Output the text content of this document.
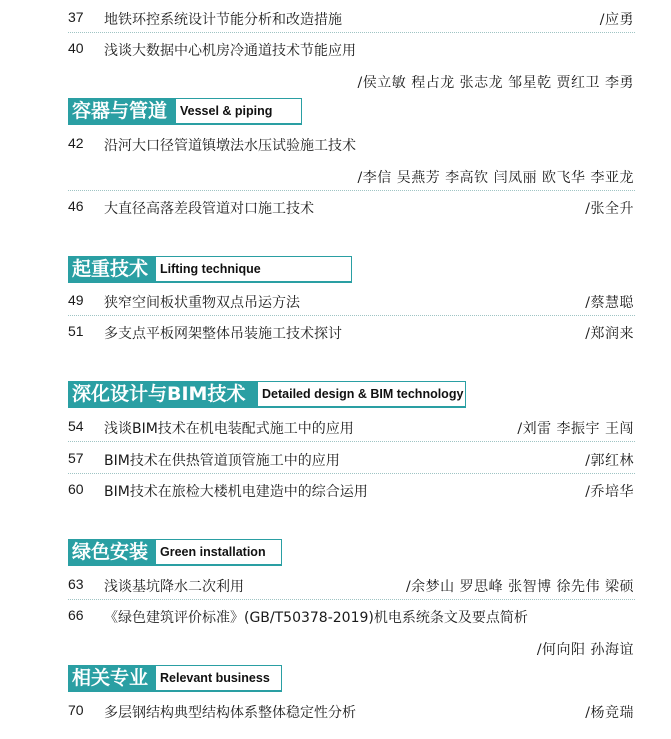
37 地铁环控系统设计节能分析和改造措施	/应勇
40 浅谈大数据中心机房冷通道技术节能应用
/侯立敏 程占龙 张志龙 邹星乾 贾红卫 李勇
容器与管道	Vessel & piping
42 沿河大口径管道镇墩法水压试验施工技术
/李信 吴燕芳 李高钦 闫凤丽 欧飞华 李亚龙
46 大直径高落差段管道对口施工技术	/张全升
起重技术 Lifting technique
49 狭窄空间板状重物双点吊运方法	/蔡慧聪
51 多支点平板网架整体吊装施工技术探讨	/郑润来
深化设计与BIM技术	Detailed design & BIM technology
54 浅谈BIM技术在机电装配式施工中的应用	/刘雷 李振宇 王闯
57 BIM技术在供热管道顶管施工中的应用	/郭红林
60 BIM技术在旅检大楼机电建造中的综合运用	/乔培华
绿色安装 Green installation
63 浅谈基坑降水二次利用	/余梦山 罗思峰 张智博 徐先伟 梁硕
66 《绿色建筑评价标准》(GB/T50378-2019)机电系统条文及要点简析
/何向阳 孙海谊
相关专业 Relevant business
70 多层钢结构典型结构体系整体稳定性分析	/杨竞瑞
